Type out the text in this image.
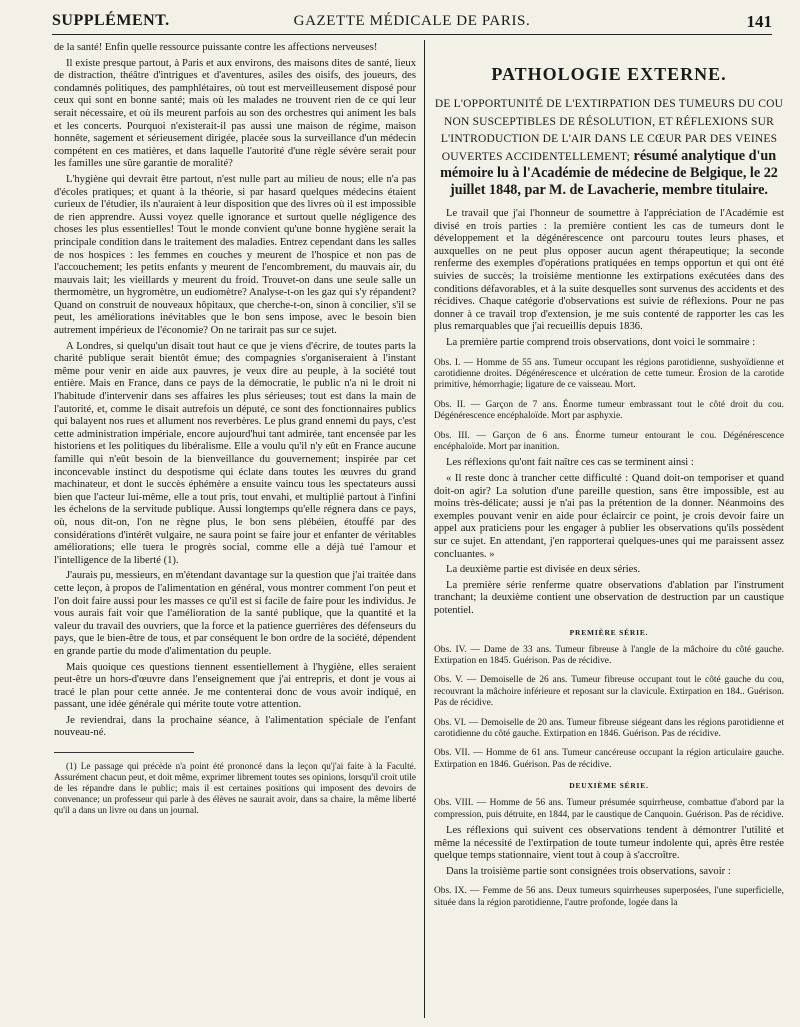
SUPPLÉMENT.	GAZETTE MÉDICALE DE PARIS.	141

de la santé! Enfin quelle ressource puissante contre les affections nerveuses!

Il existe presque partout, à Paris et aux environs, des maisons dites de santé, lieux de distraction, théâtre d'intrigues et d'aventures, asiles des oisifs, des joueurs, des condamnés politiques, des pamphlétaires, où tout est merveilleusement disposé pour ceux qui sont en bonne santé; mais où les malades ne trouvent rien de ce qui leur serait nécessaire, et où ils meurent parfois au son des orchestres qui animent les bals et les concerts. Pourquoi n'existerait-il pas aussi une maison de régime, maison honnête, sagement et sérieusement dirigée, placée sous la surveillance d'un médecin compétent en ces matières, et dans laquelle l'autorité d'une règle sévère serait pour les familles une sûre garantie de moralité?

L'hygiène qui devrait être partout, n'est nulle part au milieu de nous; elle n'a pas d'écoles pratiques; et quant à la théorie, si par hasard quelques médecins étaient curieux de l'étudier, ils n'auraient à leur disposition que des livres où il est impossible de rien apprendre. Aussi voyez quelle ignorance et surtout quelle négligence des choses les plus essentielles! Tout le monde convient qu'une bonne hygiène serait la principale condition dans le traitement des maladies. Entrez cependant dans les salles de nos hospices : les femmes en couches y meurent de l'hospice et non pas de l'accouchement; les petits enfants y meurent de l'encombrement, du mauvais air, du mauvais lait; les vieillards y meurent du froid. Trouvet-on dans une seule salle un thermomètre, un hygromètre, un eudiomètre? Analyse-t-on les gaz qui s'y répandent? Quand on construit de nouveaux hôpitaux, que cherche-t-on, sinon à concilier, s'il se peut, les améliorations inévitables que le bon sens impose, avec le besoin bien autrement impérieux de l'économie? On ne tarirait pas sur ce sujet.

A Londres, si quelqu'un disait tout haut ce que je viens d'écrire, de toutes parts la charité publique serait bientôt émue; des compagnies s'organiseraient à l'instant même pour venir en aide aux pauvres, je veux dire au peuple, à la société tout entière. Mais en France, dans ce pays de la démocratie, le public n'a ni le droit ni l'habitude d'intervenir dans ses affaires les plus sérieuses; tout est dans la main de l'autorité, et, comme le disait autrefois un député, ce sont des fonctionnaires publics qui balayent nos rues et allument nos reverbères. Le plus grand ennemi du pays, c'est cette administration impériale, encore aujourd'hui tant admirée, tant encensée par les historiens et les politiques du libéralisme. Elle a voulu qu'il n'y eût en France aucune famille qui n'eût besoin de la bienveillance du gouvernement; inspirée par cet inconcevable instinct du despotisme qui éclate dans toutes les œuvres du grand machinateur, et dont le succès éphémère a ensuite vaincu tous les spectateurs aussi bien que l'acteur lui-même, elle a tout pris, tout envahi, et multiplié partout à l'infini les échelons de la servitude publique. Aussi longtemps qu'elle régnera dans ce pays, où, nous dit-on, l'on ne règne plus, le bon sens plébéien, étouffé par des considérations d'intérêt vulgaire, ne saura point se faire jour et enfanter de véritables améliorations; elle tuera le progrès social, comme elle a déjà tué l'amour et l'intelligence de la liberté (1).

J'aurais pu, messieurs, en m'étendant davantage sur la question que j'ai traitée dans cette leçon, à propos de l'alimentation en général, vous montrer comment l'on peut et l'on doit faire aussi pour les masses ce qu'il est si facile de faire pour les individus. Je vous aurais fait voir que l'amélioration de la santé publique, que la quantité et la valeur du travail des ouvriers, que la force et la patience guerrières des défenseurs du pays, que le bien-être de tous, et par conséquent le bon ordre de la société, dépendent en grande partie du mode d'alimentation du peuple.

Mais quoique ces questions tiennent essentiellement à l'hygiène, elles seraient peut-être un hors-d'œuvre dans l'enseignement que j'ai entrepris, et dont je vous ai tracé le plan pour cette année. Je me contenterai donc de vous avoir indiqué, en passant, une idée générale qui mérite toute votre attention.

Je reviendrai, dans la prochaine séance, à l'alimentation spéciale de l'enfant nouveau-né.

(1) Le passage qui précède n'a point été prononcé dans la leçon qu'j'ai faite à la Faculté. Assurément chacun peut, et doit même, exprimer librement toutes ses opinions, lorsqu'il croit utile de les répandre dans le public; mais il est certaines positions qui imposent des devoirs de convenance; un professeur qui parle à des élèves ne saurait avoir, dans sa chaire, la même liberté qu'il a dans un livre ou dans un journal.

PATHOLOGIE EXTERNE.
DE L'OPPORTUNITÉ DE L'EXTIRPATION DES TUMEURS DU COU NON SUSCEPTIBLES DE RÉSOLUTION, ET RÉFLEXIONS SUR L'INTRODUCTION DE L'AIR DANS LE CŒUR PAR DES VEINES OUVERTES ACCIDENTELLEMENT; résumé analytique d'un mémoire lu à l'Académie de médecine de Belgique, le 22 juillet 1848, par M. de Lavacherie, membre titulaire.

Le travail que j'ai l'honneur de soumettre à l'appréciation de l'Académie est divisé en trois parties : la première contient les cas de tumeurs dont le développement et la dégénérescence ont parcouru toutes leurs phases, et auxquelles on ne peut plus opposer aucun agent thérapeutique; la seconde renferme des exemples d'opérations pratiquées en temps opportun et qui ont été suivies de succès; la troisième mentionne les extirpations exécutées dans des conditions défavorables, et à la suite desquelles sont survenus des accidents et des récidives. Chaque catégorie d'observations est suivie de réflexions. Pour ne pas donner à ce travail trop d'extension, je me suis contenté de rapporter les cas les plus remarquables que j'ai recueillis depuis 1836.

La première partie comprend trois observations, dont voici le sommaire :

Obs. I. — Homme de 55 ans. Tumeur occupant les régions parotidienne, sushyoïdienne et carotidienne droites. Dégénérescence et ulcération de cette tumeur. Érosion de la carotide primitive, hémorrhagie; ligature de ce vaisseau. Mort.

Obs. II. — Garçon de 7 ans. Énorme tumeur embrassant tout le côté droit du cou. Dégénérescence encéphaloïde. Mort par asphyxie.

Obs. III. — Garçon de 6 ans. Énorme tumeur entourant le cou. Dégénérescence encéphaloïde. Mort par inanition.

Les réflexions qu'ont fait naître ces cas se terminent ainsi :

« Il reste donc à trancher cette difficulté : Quand doit-on temporiser et quand doit-on agir? La solution d'une pareille question, sans être impossible, est au moins très-délicate; aussi je n'ai pas la prétention de la donner. Néanmoins des exemples pouvant venir en aide pour éclaircir ce point, je crois devoir faire un appel aux praticiens pour les engager à publier les observations qu'ils possèdent sur ce sujet. En attendant, j'en rapporterai quelques-unes qui me paraissent assez concluantes. »

La deuxième partie est divisée en deux séries.

La première série renferme quatre observations d'ablation par l'instrument tranchant; la deuxième contient une observation de destruction par un caustique potentiel.

PREMIÈRE SÉRIE.

Obs. IV. — Dame de 33 ans. Tumeur fibreuse à l'angle de la mâchoire du côté gauche. Extirpation en 1845. Guérison. Pas de récidive.

Obs. V. — Demoiselle de 26 ans. Tumeur fibreuse occupant tout le côté gauche du cou, recouvrant la mâchoire inférieure et reposant sur la clavicule. Extirpation en 184.. Guérison. Pas de récidive.

Obs. VI. — Demoiselle de 20 ans. Tumeur fibreuse siégeant dans les régions parotidienne et carotidienne du côté gauche. Extirpation en 1846. Guérison. Pas de récidive.

Obs. VII. — Homme de 61 ans. Tumeur cancéreuse occupant la région articulaire gauche. Extirpation en 1846. Guérison. Pas de récidive.

DEUXIÈME SÉRIE.

Obs. VIII. — Homme de 56 ans. Tumeur présumée squirrheuse, combattue d'abord par la compression, puis détruite, en 1844, par le caustique de Canquoin. Guérison. Pas de récidive.

Les réflexions qui suivent ces observations tendent à démontrer l'utilité et même la nécessité de l'extirpation de toute tumeur indolente qui, après être restée quelque temps stationnaire, vient tout à coup à s'accroître.

Dans la troisième partie sont consignées trois observations, savoir :

Obs. IX. — Femme de 56 ans. Deux tumeurs squirrheuses superposées, l'une superficielle, située dans la région parotidienne, l'autre profonde, logée dans la
